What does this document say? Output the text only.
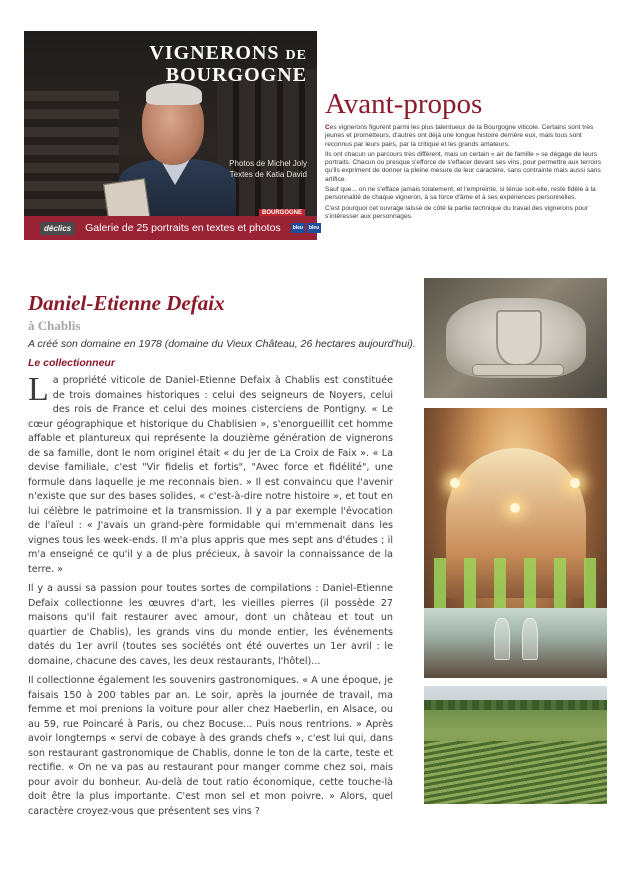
VIGNERONS DE
BOURGOGNE
Photos de Michel Joly
Textes de Katia David
BOURGOGNE
déclics	Galerie de 25 portraits en textes et photos	bleu	bleu
Avant-propos

Ces vignerons figurent parmi les plus talentueux de la Bourgogne viticole. Certains sont très jeunes et prometteurs, d'autres ont déjà une longue histoire derrière eux, mais tous sont reconnus par leurs pairs, par la critique et les grands amateurs.

Ils ont chacun un parcours très différent, mais un certain « air de famille » se dégage de leurs portraits. Chacun ou presque s'efforce de s'effacer devant ses vins, pour permettre aux terroirs qu'ils expriment de donner la pleine mesure de leur caractère, sans contrainte mais aussi sans artifice.

Sauf que... on ne s'efface jamais totalement, et l'empreinte, si ténue soit-elle, reste fidèle à la personnalité de chaque vigneron, à sa force d'âme et à ses expériences personnelles.

C'est pourquoi cet ouvrage laisse de côté la partie technique du travail des vignerons pour s'intéresser aux personnages.

Daniel-Etienne Defaix
à Chablis
A créé son domaine en 1978 (domaine du Vieux Château, 26 hectares aujourd'hui).
Le collectionneur

La propriété viticole de Daniel-Etienne Defaix à Chablis est constituée de trois domaines historiques : celui des seigneurs de Noyers, celui des rois de France et celui des moines cisterciens de Pontigny. « Le cœur géographique et historique du Chablisien », s'enorgueillit cet homme affable et plantureux qui représente la douzième génération de vignerons de sa famille, dont le nom originel était « du Jer de La Croix de Faix ». « La devise familiale, c'est "Vir fidelis et fortis", "Avec force et fidélité", une formule dans laquelle je me reconnais bien. » Il est convaincu que l'avenir n'existe que sur des bases solides, « c'est-à-dire notre histoire », et tout en lui célèbre le patrimoine et la transmission. Il y a par exemple l'évocation de l'aïeul : « J'avais un grand-père formidable qui m'emmenait dans les vignes tous les week-ends. Il m'a plus appris que mes sept ans d'études ; il m'a enseigné ce qu'il y a de plus précieux, à savoir la connaissance de la terre. »

Il y a aussi sa passion pour toutes sortes de compilations : Daniel-Etienne Defaix collectionne les œuvres d'art, les vieilles pierres (il possède 27 maisons qu'il fait restaurer avec amour, dont un château et tout un quartier de Chablis), les grands vins du monde entier, les événements datés du 1er avril (toutes ses sociétés ont été ouvertes un 1er avril : le domaine, chacune des caves, les deux restaurants, l'hôtel)...

Il collectionne également les souvenirs gastronomiques. « A une époque, je faisais 150 à 200 tables par an. Le soir, après la journée de travail, ma femme et moi prenions la voiture pour aller chez Haeberlin, en Alsace, ou au 59, rue Poincaré à Paris, ou chez Bocuse... Puis nous rentrions. » Après avoir longtemps « servi de cobaye à des grands chefs », c'est lui qui, dans son restaurant gastronomique de Chablis, donne le ton de la carte, teste et rectifie. « On ne va pas au restaurant pour manger comme chez soi, mais pour avoir du bonheur. Au-delà de tout ratio économique, cette touche-là doit être la plus importante. C'est mon sel et mon poivre. » Alors, quel caractère croyez-vous que présentent ses vins ?
